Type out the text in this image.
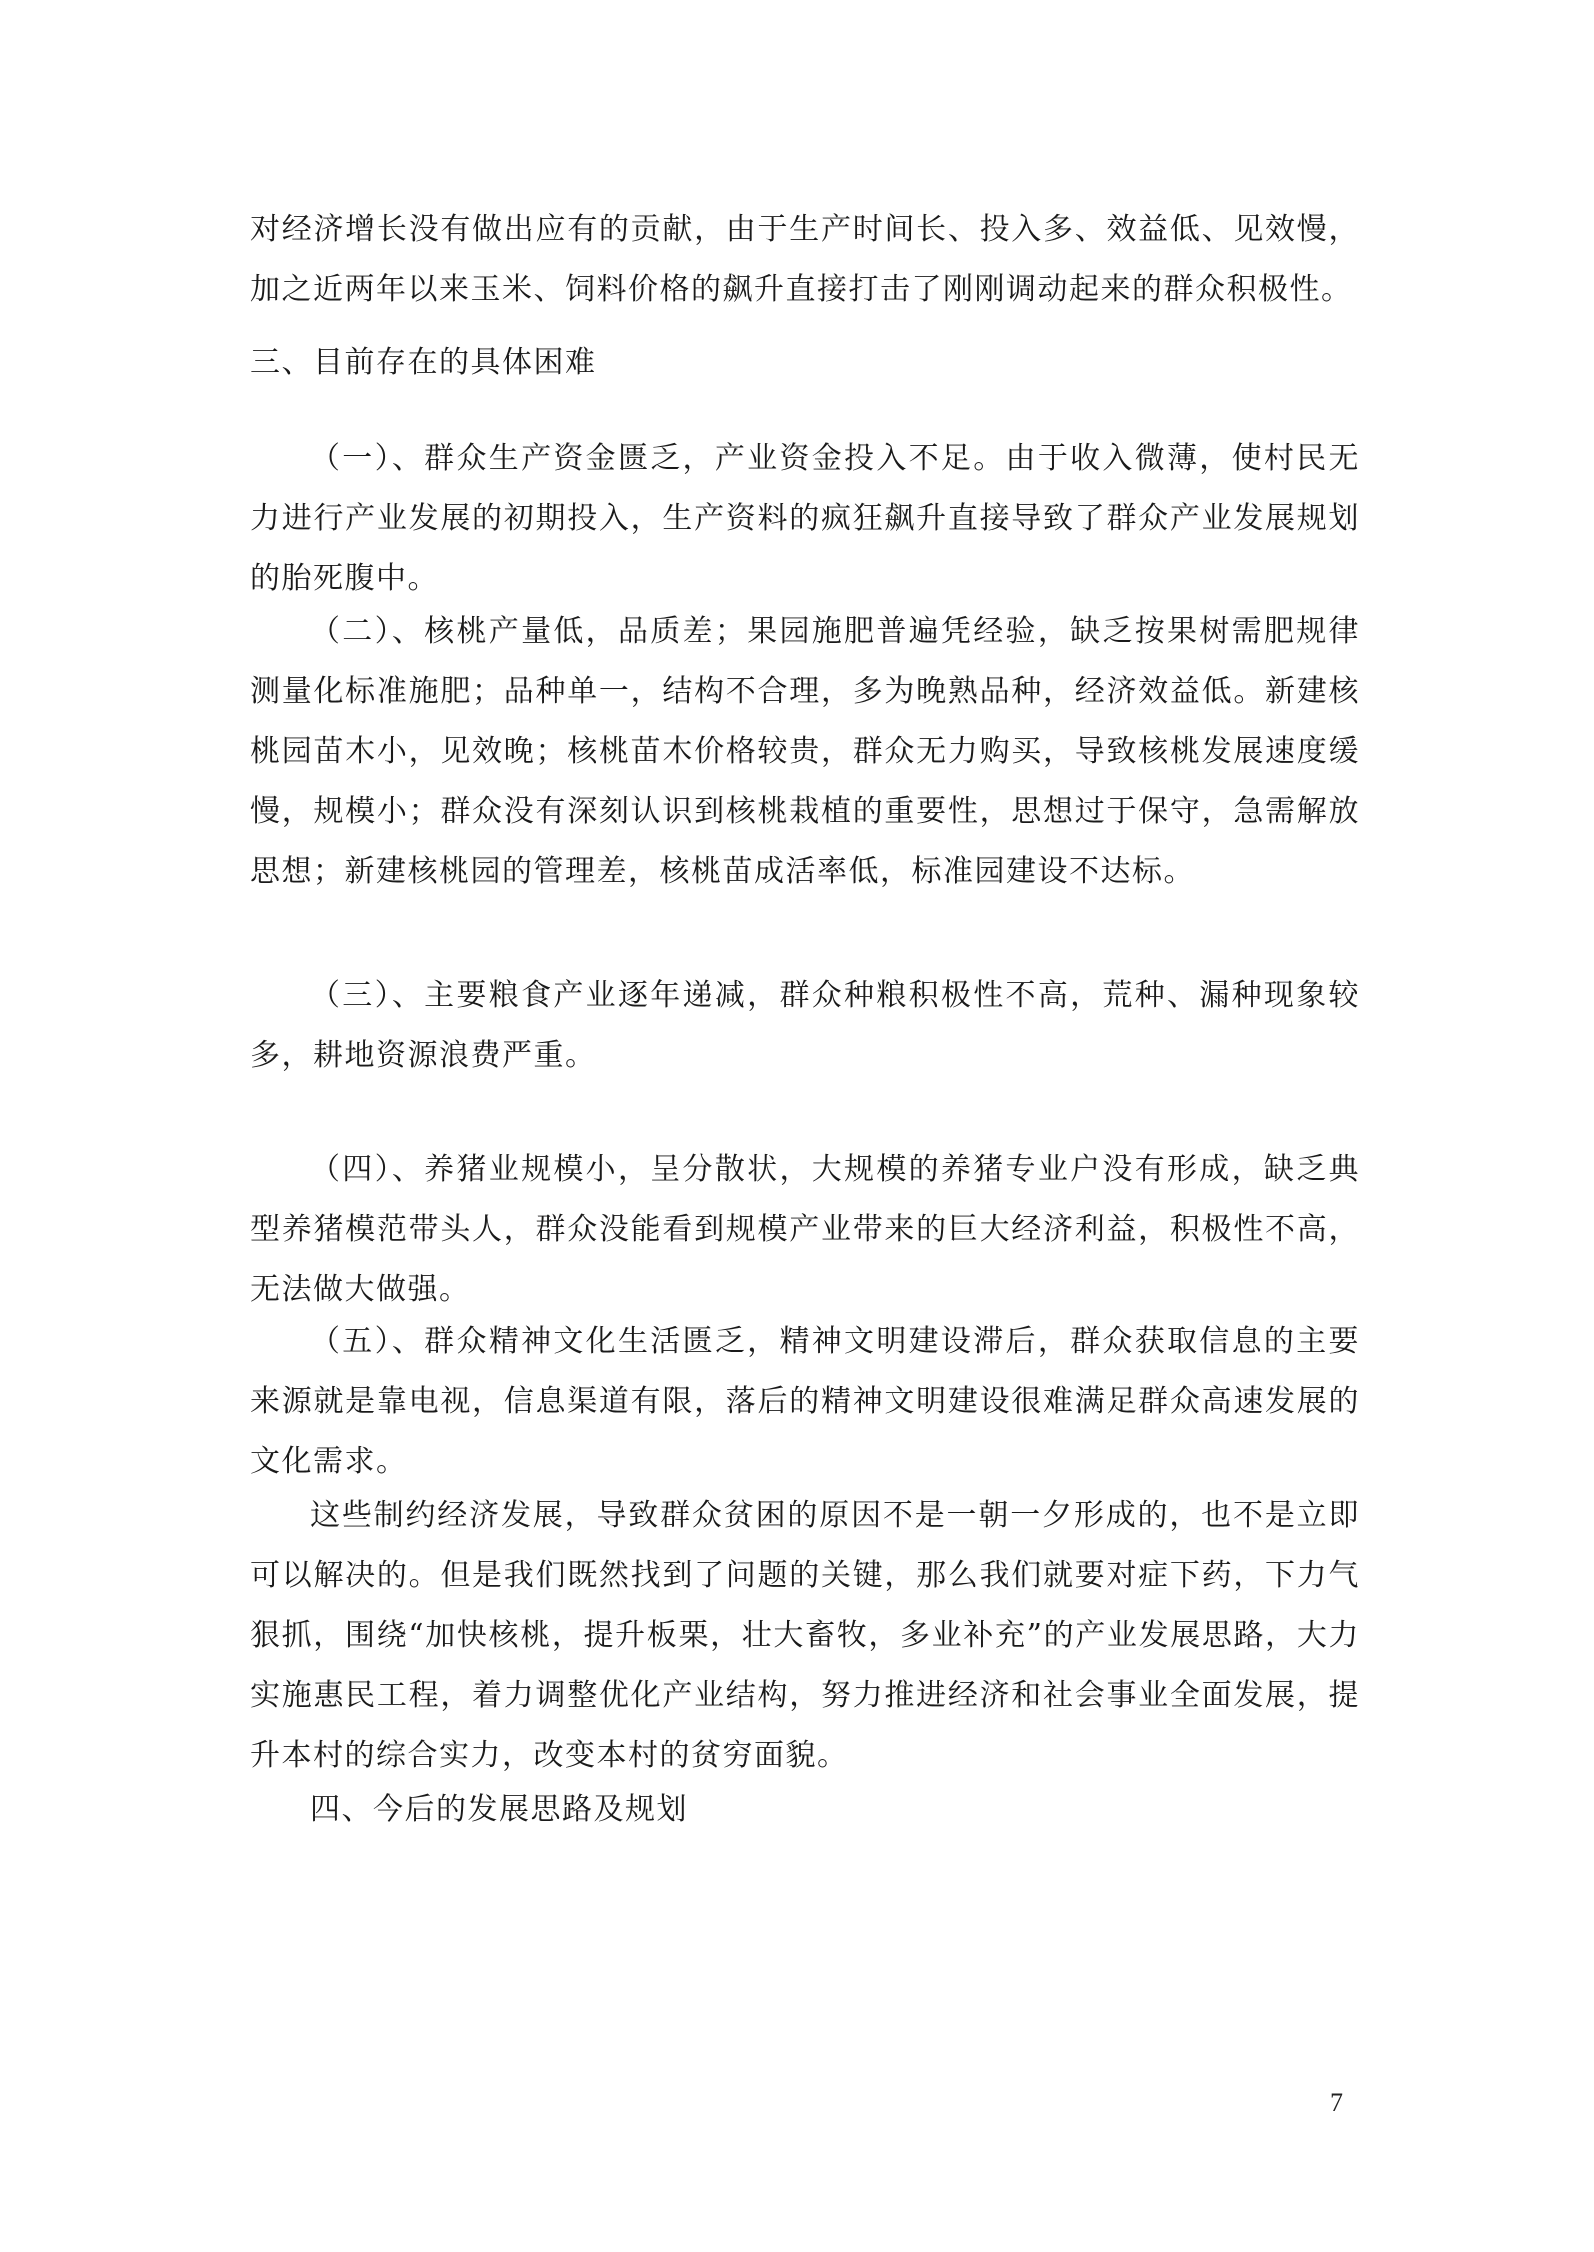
对经济增长没有做出应有的贡献，由于生产时间长、投入多、效益低、见效慢，加之近两年以来玉米、饲料价格的飙升直接打击了刚刚调动起来的群众积极性。

三、目前存在的具体困难

（一）、群众生产资金匮乏，产业资金投入不足。由于收入微薄，使村民无力进行产业发展的初期投入，生产资料的疯狂飙升直接导致了群众产业发展规划的胎死腹中。

（二）、核桃产量低，品质差；果园施肥普遍凭经验，缺乏按果树需肥规律测量化标准施肥；品种单一，结构不合理，多为晚熟品种，经济效益低。新建核桃园苗木小，见效晚；核桃苗木价格较贵，群众无力购买，导致核桃发展速度缓慢，规模小；群众没有深刻认识到核桃栽植的重要性，思想过于保守，急需解放思想；新建核桃园的管理差，核桃苗成活率低，标准园建设不达标。

（三）、主要粮食产业逐年递减，群众种粮积极性不高，荒种、漏种现象较多，耕地资源浪费严重。

（四）、养猪业规模小，呈分散状，大规模的养猪专业户没有形成，缺乏典型养猪模范带头人，群众没能看到规模产业带来的巨大经济利益，积极性不高，无法做大做强。

（五）、群众精神文化生活匮乏，精神文明建设滞后，群众获取信息的主要来源就是靠电视，信息渠道有限，落后的精神文明建设很难满足群众高速发展的文化需求。

这些制约经济发展，导致群众贫困的原因不是一朝一夕形成的，也不是立即可以解决的。但是我们既然找到了问题的关键，那么我们就要对症下药，下力气狠抓，围绕“加快核桃，提升板栗，壮大畜牧，多业补充”的产业发展思路，大力实施惠民工程，着力调整优化产业结构，努力推进经济和社会事业全面发展，提升本村的综合实力，改变本村的贫穷面貌。

四、今后的发展思路及规划

7
